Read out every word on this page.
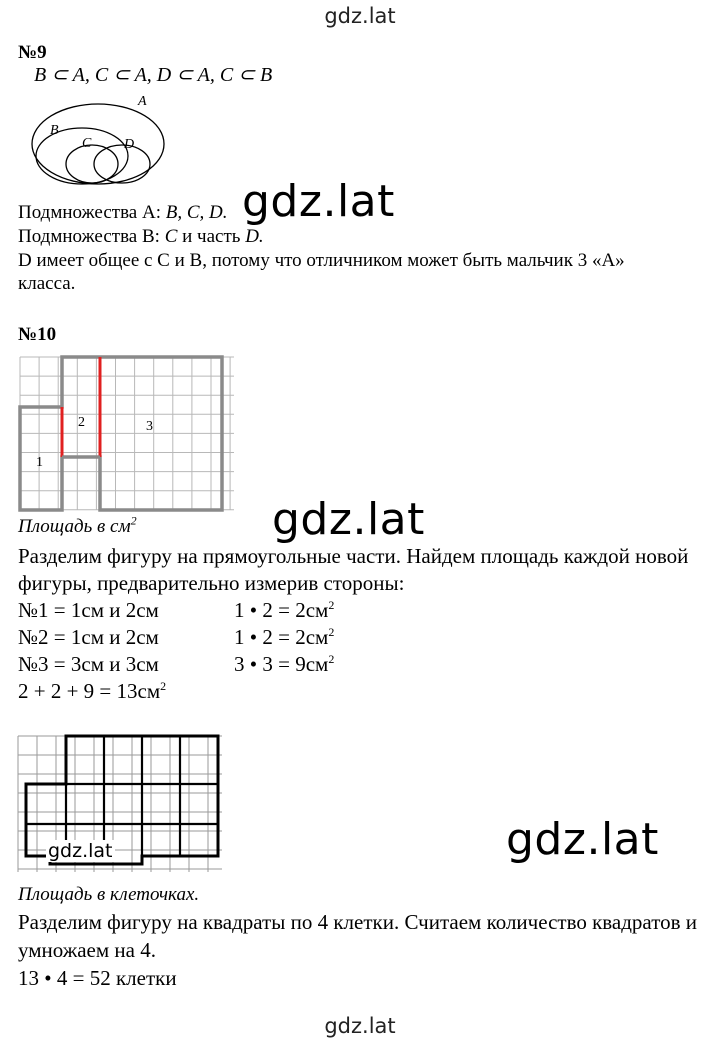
gdz.lat
gdz.lat
№9
B ⊂ A, C ⊂ A, D ⊂ A, C ⊂ B
A
B
C D
Подмножества А: B, C, D.
Подмножества В: C и часть D.
D имеет общее с C и B, потому что отличником может быть мальчик 3 «А»
класса.
№10
1
2	3
Площадь в $см^2$
Разделим фигуру на прямоугольные части. Найдем площадь каждой новой
фигуры, предварительно измерив стороны:
№1 = 1см и 2см	1 • $2 = 2см^2$
№2 = 1см и 2см	1 • $2 = 2см^2$
№3 = 3см и 3см	3 • $3 = 9см^2$
$2 + 2 + 9 = 13см^2$
gdz.lat
Площадь в клеточках.
Разделим фигуру на квадраты по 4 клетки. Считаем количество квадратов и
умножаем на 4.
13 • 4 = 52 клетки
gdz.lat
gdz.lat
gdz.lat
